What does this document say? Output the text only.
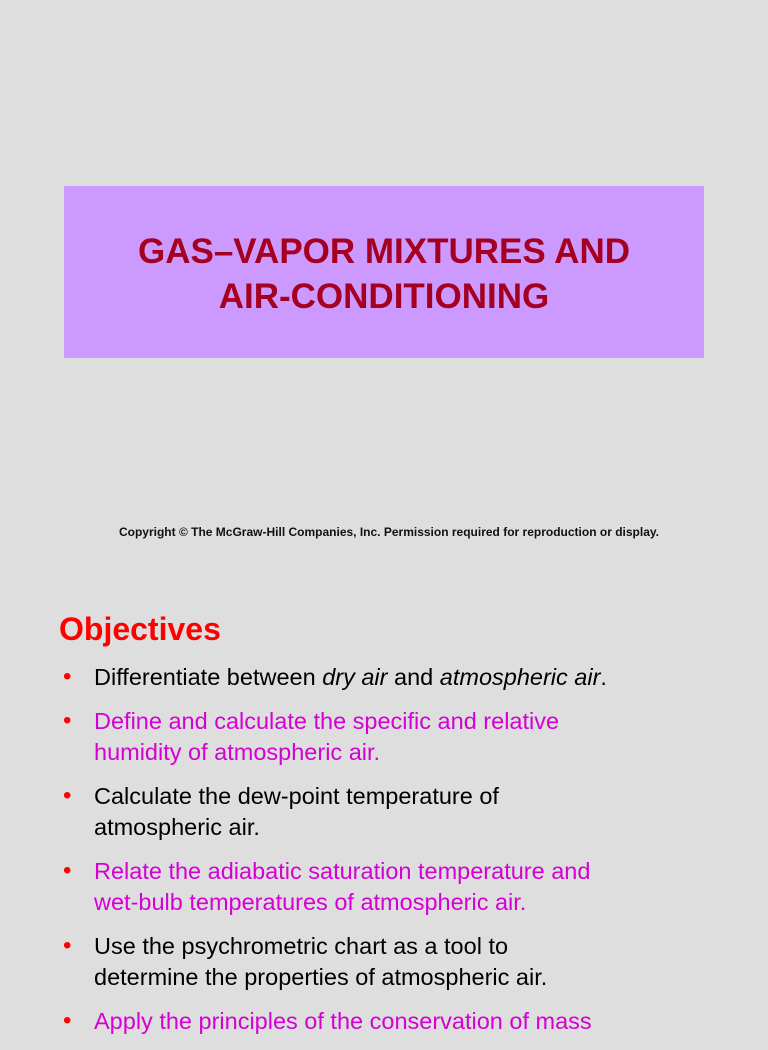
GAS–VAPOR MIXTURES AND
AIR-CONDITIONING

Copyright © The McGraw-Hill Companies, Inc. Permission required for reproduction or display.

Objectives
• Differentiate between dry air and atmospheric air.
• Define and calculate the specific and relative
humidity of atmospheric air.
• Calculate the dew-point temperature of
atmospheric air.
• Relate the adiabatic saturation temperature and
wet-bulb temperatures of atmospheric air.
• Use the psychrometric chart as a tool to
determine the properties of atmospheric air.
• Apply the principles of the conservation of mass
